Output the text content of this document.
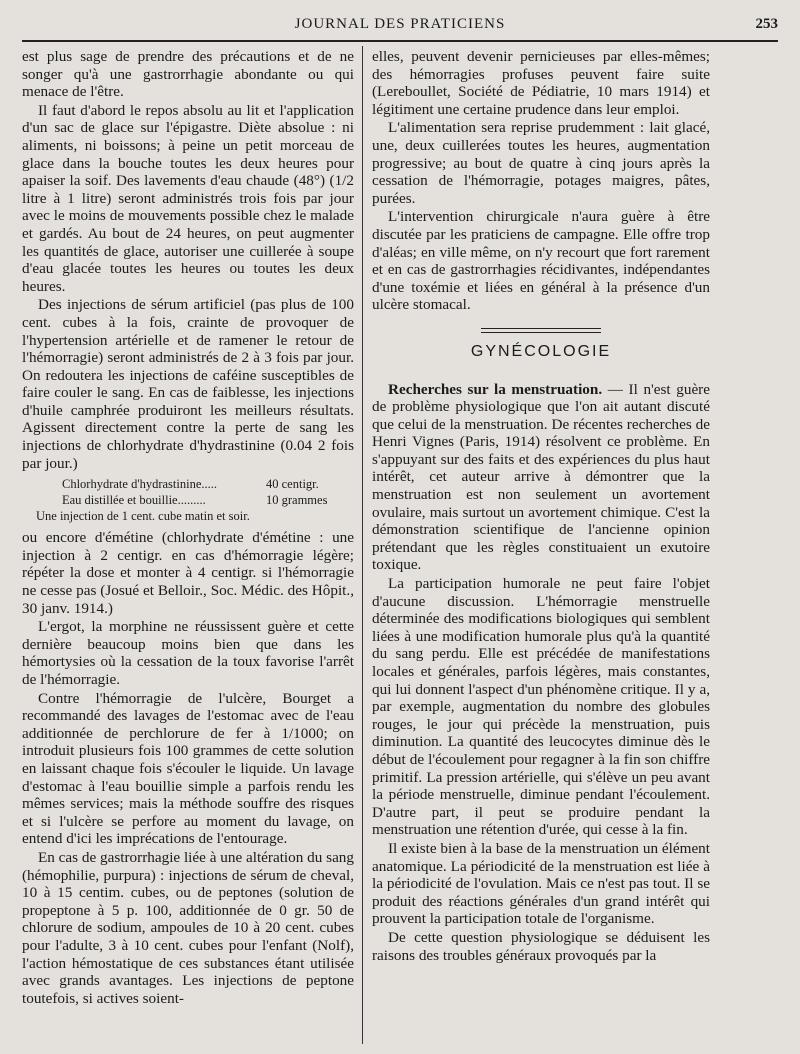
JOURNAL DES PRATICIENS	253

est plus sage de prendre des précautions et de ne songer qu'à une gastrorrhagie abondante ou qui menace de l'être.

Il faut d'abord le repos absolu au lit et l'application d'un sac de glace sur l'épigastre. Diète absolue : ni aliments, ni boissons; à peine un petit morceau de glace dans la bouche toutes les deux heures pour apaiser la soif. Des lavements d'eau chaude (48°) (1/2 litre à 1 litre) seront administrés trois fois par jour avec le moins de mouvements possible chez le malade et gardés. Au bout de 24 heures, on peut augmenter les quantités de glace, autoriser une cuillerée à soupe d'eau glacée toutes les heures ou toutes les deux heures.

Des injections de sérum artificiel (pas plus de 100 cent. cubes à la fois, crainte de provoquer de l'hypertension artérielle et de ramener le retour de l'hémorragie) seront administrés de 2 à 3 fois par jour. On redoutera les injections de caféine susceptibles de faire couler le sang. En cas de faiblesse, les injections d'huile camphrée produiront les meilleurs résultats. Agissent directement contre la perte de sang les injections de chlorhydrate d'hydrastinine (0.04 2 fois par jour.)

Chlorhydrate d'hydrastinine.....	40 centigr.
Eau distillée et bouillie.........	10 grammes
Une injection de 1 cent. cube matin et soir.

ou encore d'émétine (chlorhydrate d'émétine : une injection à 2 centigr. en cas d'hémorragie légère; répéter la dose et monter à 4 centigr. si l'hémorragie ne cesse pas (Josué et Belloir., Soc. Médic. des Hôpit., 30 janv. 1914.)

L'ergot, la morphine ne réussissent guère et cette dernière beaucoup moins bien que dans les hémortysies où la cessation de la toux favorise l'arrêt de l'hémorragie.

Contre l'hémorragie de l'ulcère, Bourget a recommandé des lavages de l'estomac avec de l'eau additionnée de perchlorure de fer à 1/1000; on introduit plusieurs fois 100 grammes de cette solution en laissant chaque fois s'écouler le liquide. Un lavage d'estomac à l'eau bouillie simple a parfois rendu les mêmes services; mais la méthode souffre des risques et si l'ulcère se perfore au moment du lavage, on entend d'ici les imprécations de l'entourage.

En cas de gastrorrhagie liée à une altération du sang (hémophilie, purpura) : injections de sérum de cheval, 10 à 15 centim. cubes, ou de peptones (solution de propeptone à 5 p. 100, additionnée de 0 gr. 50 de chlorure de sodium, ampoules de 10 à 20 cent. cubes pour l'adulte, 3 à 10 cent. cubes pour l'enfant (Nolf), l'action hémostatique de ces substances étant utilisée avec grands avantages. Les injections de peptone toutefois, si actives soient-

elles, peuvent devenir pernicieuses par elles-mêmes; des hémorragies profuses peuvent faire suite (Lereboullet, Société de Pédiatrie, 10 mars 1914) et légitiment une certaine prudence dans leur emploi.

L'alimentation sera reprise prudemment : lait glacé, une, deux cuillerées toutes les heures, augmentation progressive; au bout de quatre à cinq jours après la cessation de l'hémorragie, potages maigres, pâtes, purées.

L'intervention chirurgicale n'aura guère à être discutée par les praticiens de campagne. Elle offre trop d'aléas; en ville même, on n'y recourt que fort rarement et en cas de gastrorrhagies récidivantes, indépendantes d'une toxémie et liées en général à la présence d'un ulcère stomacal.

GYNÉCOLOGIE

Recherches sur la menstruation. — Il n'est guère de problème physiologique que l'on ait autant discuté que celui de la menstruation. De récentes recherches de Henri Vignes (Paris, 1914) résolvent ce problème. En s'appuyant sur des faits et des expériences du plus haut intérêt, cet auteur arrive à démontrer que la menstruation est non seulement un avortement ovulaire, mais surtout un avortement chimique. C'est la démonstration scientifique de l'ancienne opinion prétendant que les règles constituaient un exutoire toxique.

La participation humorale ne peut faire l'objet d'aucune discussion. L'hémorragie menstruelle déterminée des modifications biologiques qui semblent liées à une modification humorale plus qu'à la quantité du sang perdu. Elle est précédée de manifestations locales et générales, parfois légères, mais constantes, qui lui donnent l'aspect d'un phénomène critique. Il y a, par exemple, augmentation du nombre des globules rouges, le jour qui précède la menstruation, puis diminution. La quantité des leucocytes diminue dès le début de l'écoulement pour regagner à la fin son chiffre primitif. La pression artérielle, qui s'élève un peu avant la période menstruelle, diminue pendant l'écoulement. D'autre part, il peut se produire pendant la menstruation une rétention d'urée, qui cesse à la fin.

Il existe bien à la base de la menstruation un élément anatomique. La périodicité de la menstruation est liée à la périodicité de l'ovulation. Mais ce n'est pas tout. Il se produit des réactions générales d'un grand intérêt qui prouvent la participation totale de l'organisme.

De cette question physiologique se déduisent les raisons des troubles généraux provoqués par la
